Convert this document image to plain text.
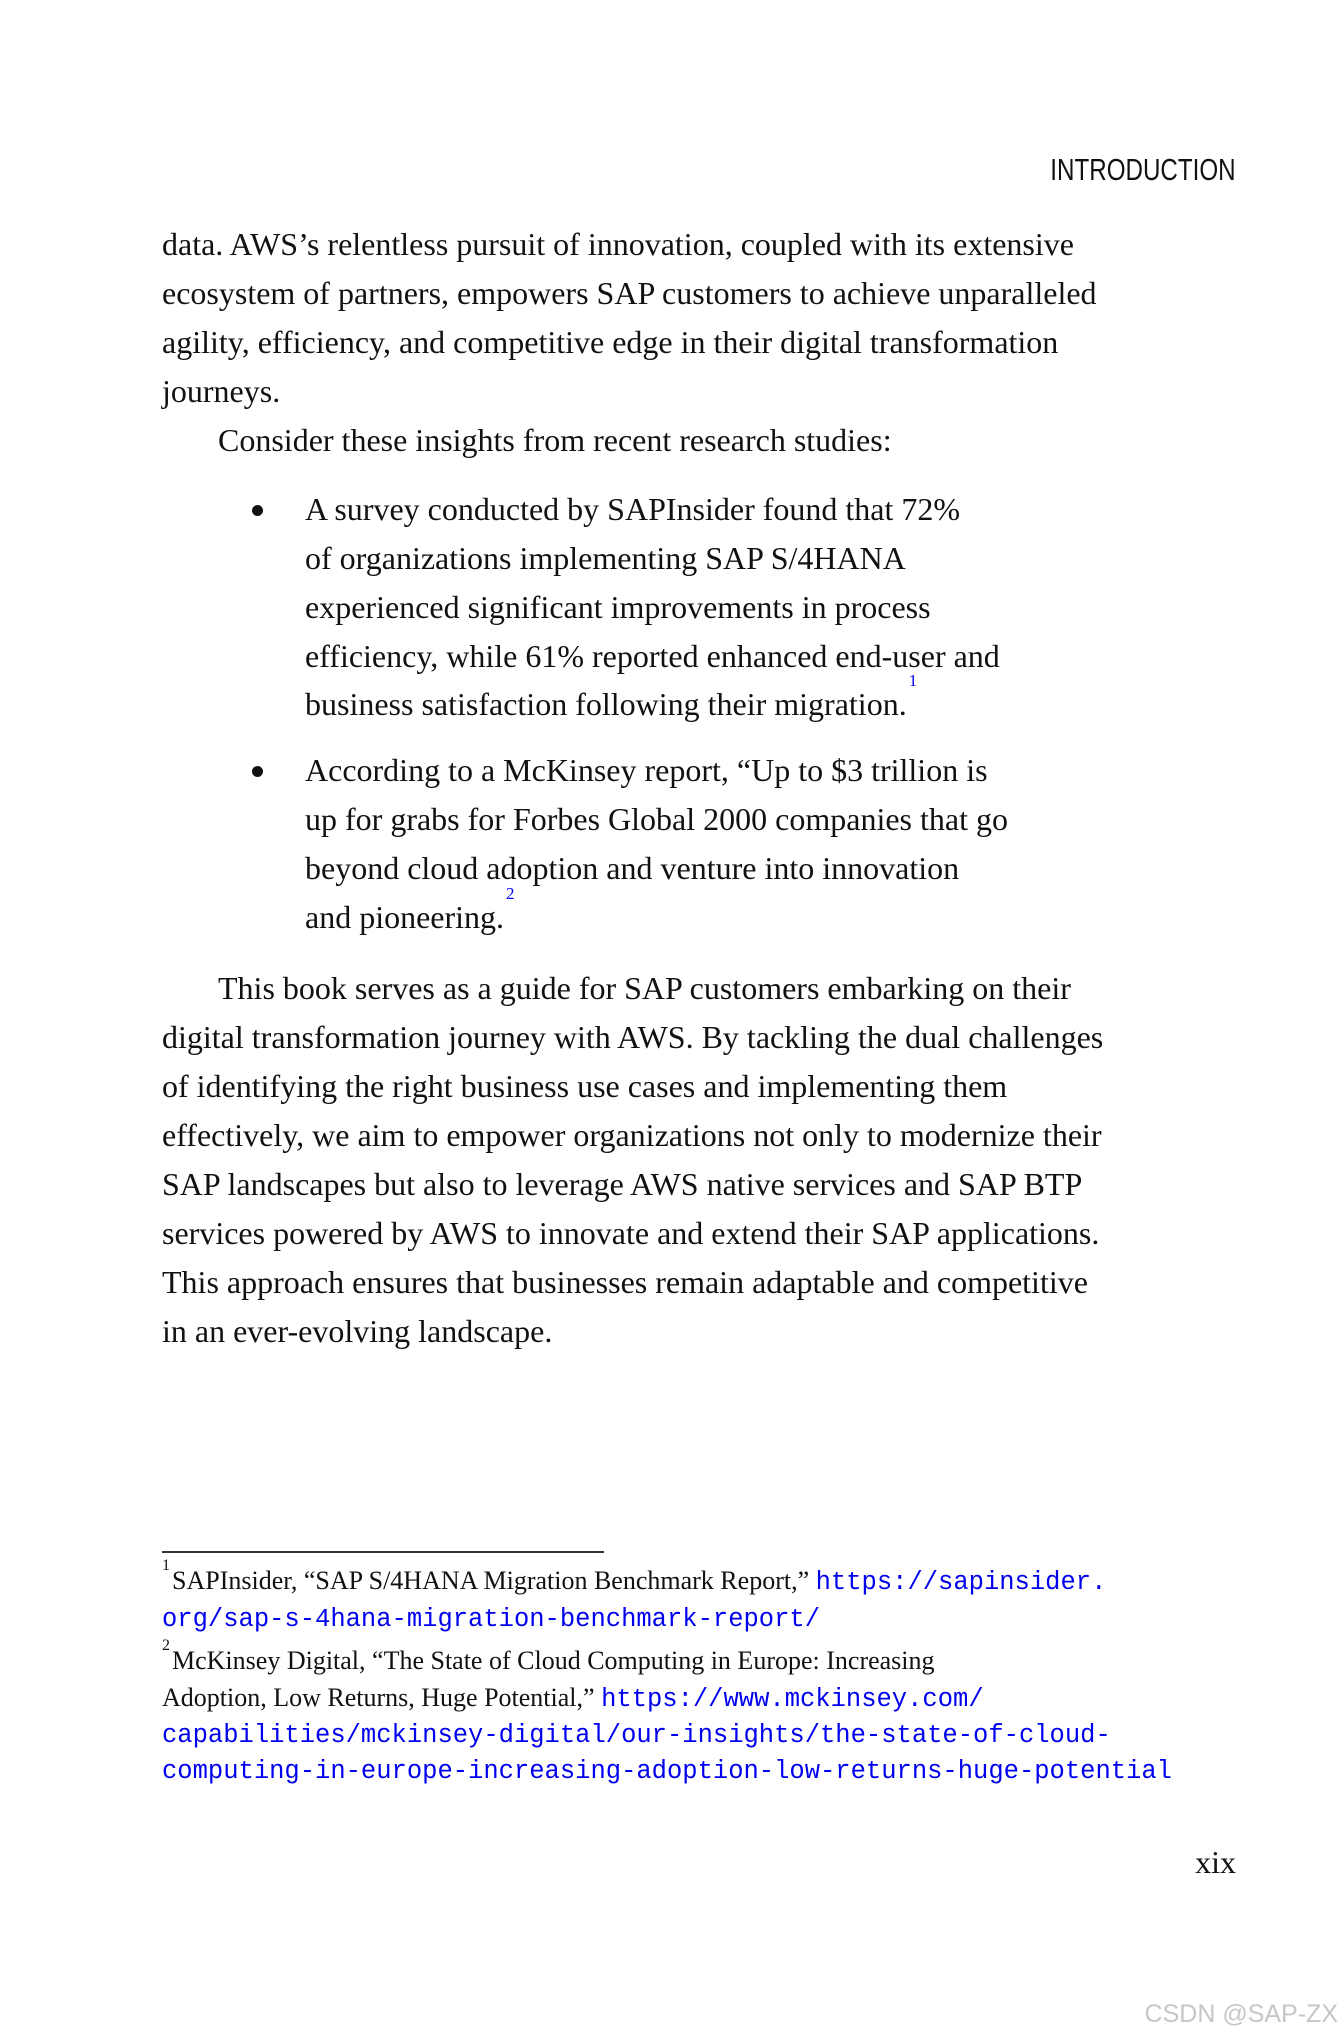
INTRODUCTION
data. AWS’s relentless pursuit of innovation, coupled with its extensive
ecosystem of partners, empowers SAP customers to achieve unparalleled
agility, efficiency, and competitive edge in their digital transformation
journeys.
Consider these insights from recent research studies:
A survey conducted by SAPInsider found that 72%
of organizations implementing SAP S/4HANA
experienced significant improvements in process
efficiency, while 61% reported enhanced end-user and
business satisfaction following their migration.$^1$
According to a McKinsey report, “Up to $3 trillion is
up for grabs for Forbes Global 2000 companies that go
beyond cloud adoption and venture into innovation
and pioneering.$^2$
This book serves as a guide for SAP customers embarking on their
digital transformation journey with AWS. By tackling the dual challenges
of identifying the right business use cases and implementing them
effectively, we aim to empower organizations not only to modernize their
SAP landscapes but also to leverage AWS native services and SAP BTP
services powered by AWS to innovate and extend their SAP applications.
This approach ensures that businesses remain adaptable and competitive
in an ever-evolving landscape.
$^1$SAPInsider, “SAP S/4HANA Migration Benchmark Report,” https://sapinsider.
org/sap-s-4hana-migration-benchmark-report/
$^2$McKinsey Digital, “The State of Cloud Computing in Europe: Increasing
Adoption, Low Returns, Huge Potential,” https://www.mckinsey.com/
capabilities/mckinsey-digital/our-insights/the-state-of-cloud-
computing-in-europe-increasing-adoption-low-returns-huge-potential
xix
CSDN @SAP-ZX
